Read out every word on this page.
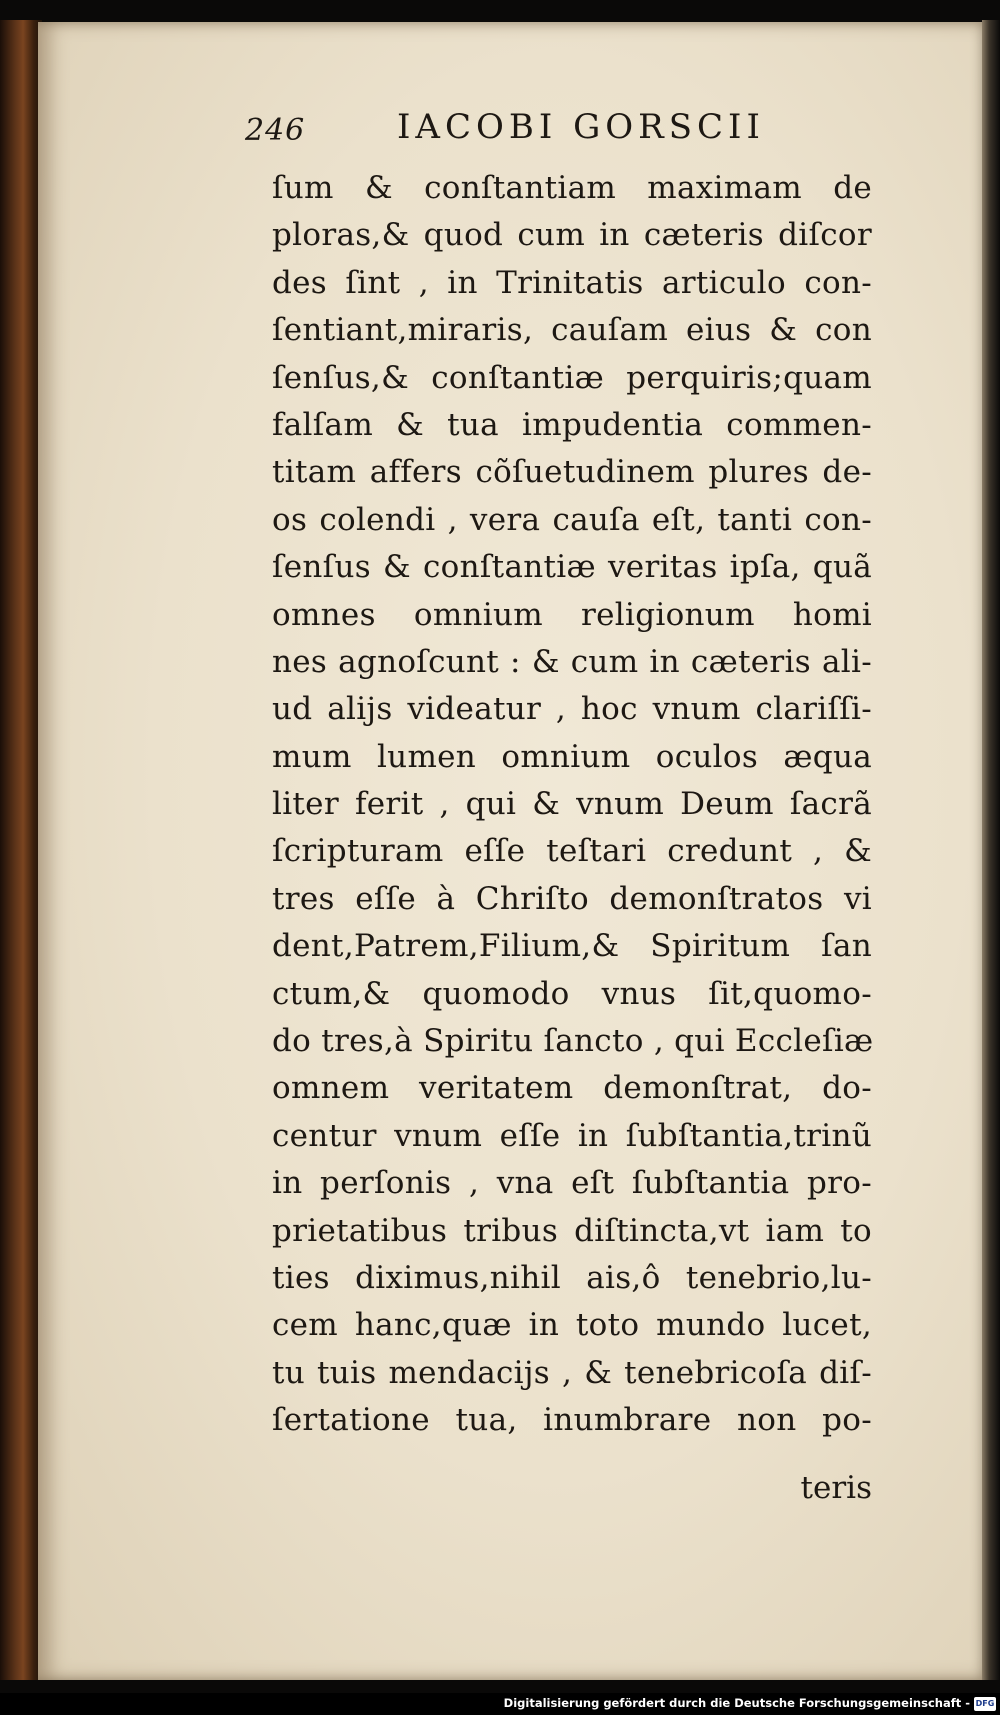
246	IACOBI GORSCII
ſum & conſtantiam maximam de
ploras,& quod cum in cæteris diſcor
des ſint , in Trinitatis articulo con-
ſentiant,miraris, cauſam eius & con
ſenſus,& conſtantiæ perquiris;quam
falſam & tua impudentia commen-
titam affers cõſuetudinem plures de-
os colendi , vera cauſa eſt, tanti con-
ſenſus & conſtantiæ veritas ipſa, quã
omnes omnium religionum homi
nes agnoſcunt : & cum in cæteris ali-
ud alijs videatur , hoc vnum clariſſi-
mum lumen omnium oculos æqua
liter ferit , qui & vnum Deum ſacrã
ſcripturam eſſe teſtari credunt , &
tres eſſe à Chriſto demonſtratos vi
dent,Patrem,Filium,& Spiritum ſan
ctum,& quomodo vnus ſit,quomo-
do tres,à Spiritu ſancto , qui Eccleſiæ
omnem veritatem demonſtrat, do-
centur vnum eſſe in ſubſtantia,trinũ
in perſonis , vna eſt ſubſtantia pro-
prietatibus tribus diſtincta,vt iam to
ties diximus,nihil ais,ô tenebrio,lu-
cem hanc,quæ in toto mundo lucet,
tu tuis mendacijs , & tenebricoſa diſ-
ſertatione tua, inumbrare non po-
teris
Digitalisierung gefördert durch die Deutsche Forschungsgemeinschaft - DFG
